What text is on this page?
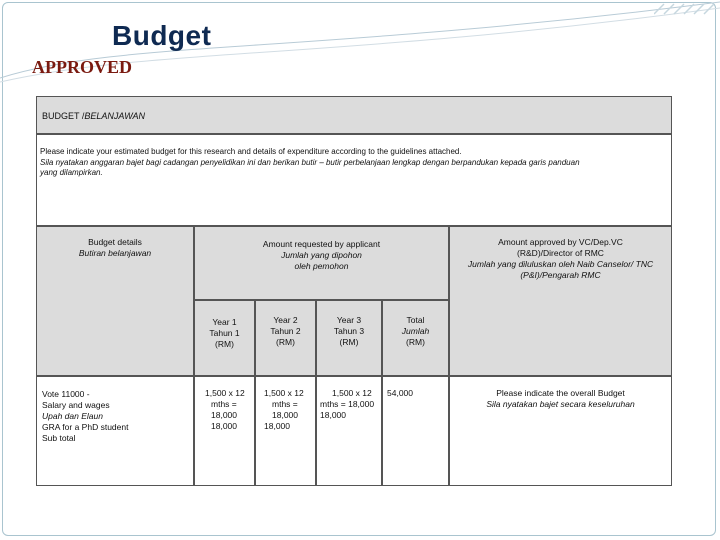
Budget
APPROVED
BUDGET /BELANJAWAN
Please indicate your estimated budget for this research and details of expenditure according to the guidelines attached.
Sila nyatakan anggaran bajet bagi cadangan penyelidikan ini dan berikan butir – butir perbelanjaan lengkap dengan berpandukan kepada garis panduan
yang dilampirkan.
Budget details
Butiran belanjawan
Amount requested by applicant
Jumlah yang dipohon
oleh pemohon
Amount approved by VC/Dep.VC
(R&D)/Director of RMC
Jumlah yang diluluskan oleh Naib Canselor/ TNC
(P&I)/Pengarah RMC
Year 1
Tahun 1
(RM)
Year 2
Tahun 2
(RM)
Year 3
Tahun 3
(RM)
Total
Jumlah
(RM)
Vote 11000 -
Salary and wages
Upah dan Elaun
GRA for a PhD student
Sub total
1,500 x 12
mths =
18,000
18,000
1,500 x 12
mths =
18,000
18,000
1,500 x 12
mths = 18,000
18,000
54,000	Please indicate the overall Budget
Sila nyatakan bajet secara keseluruhan
